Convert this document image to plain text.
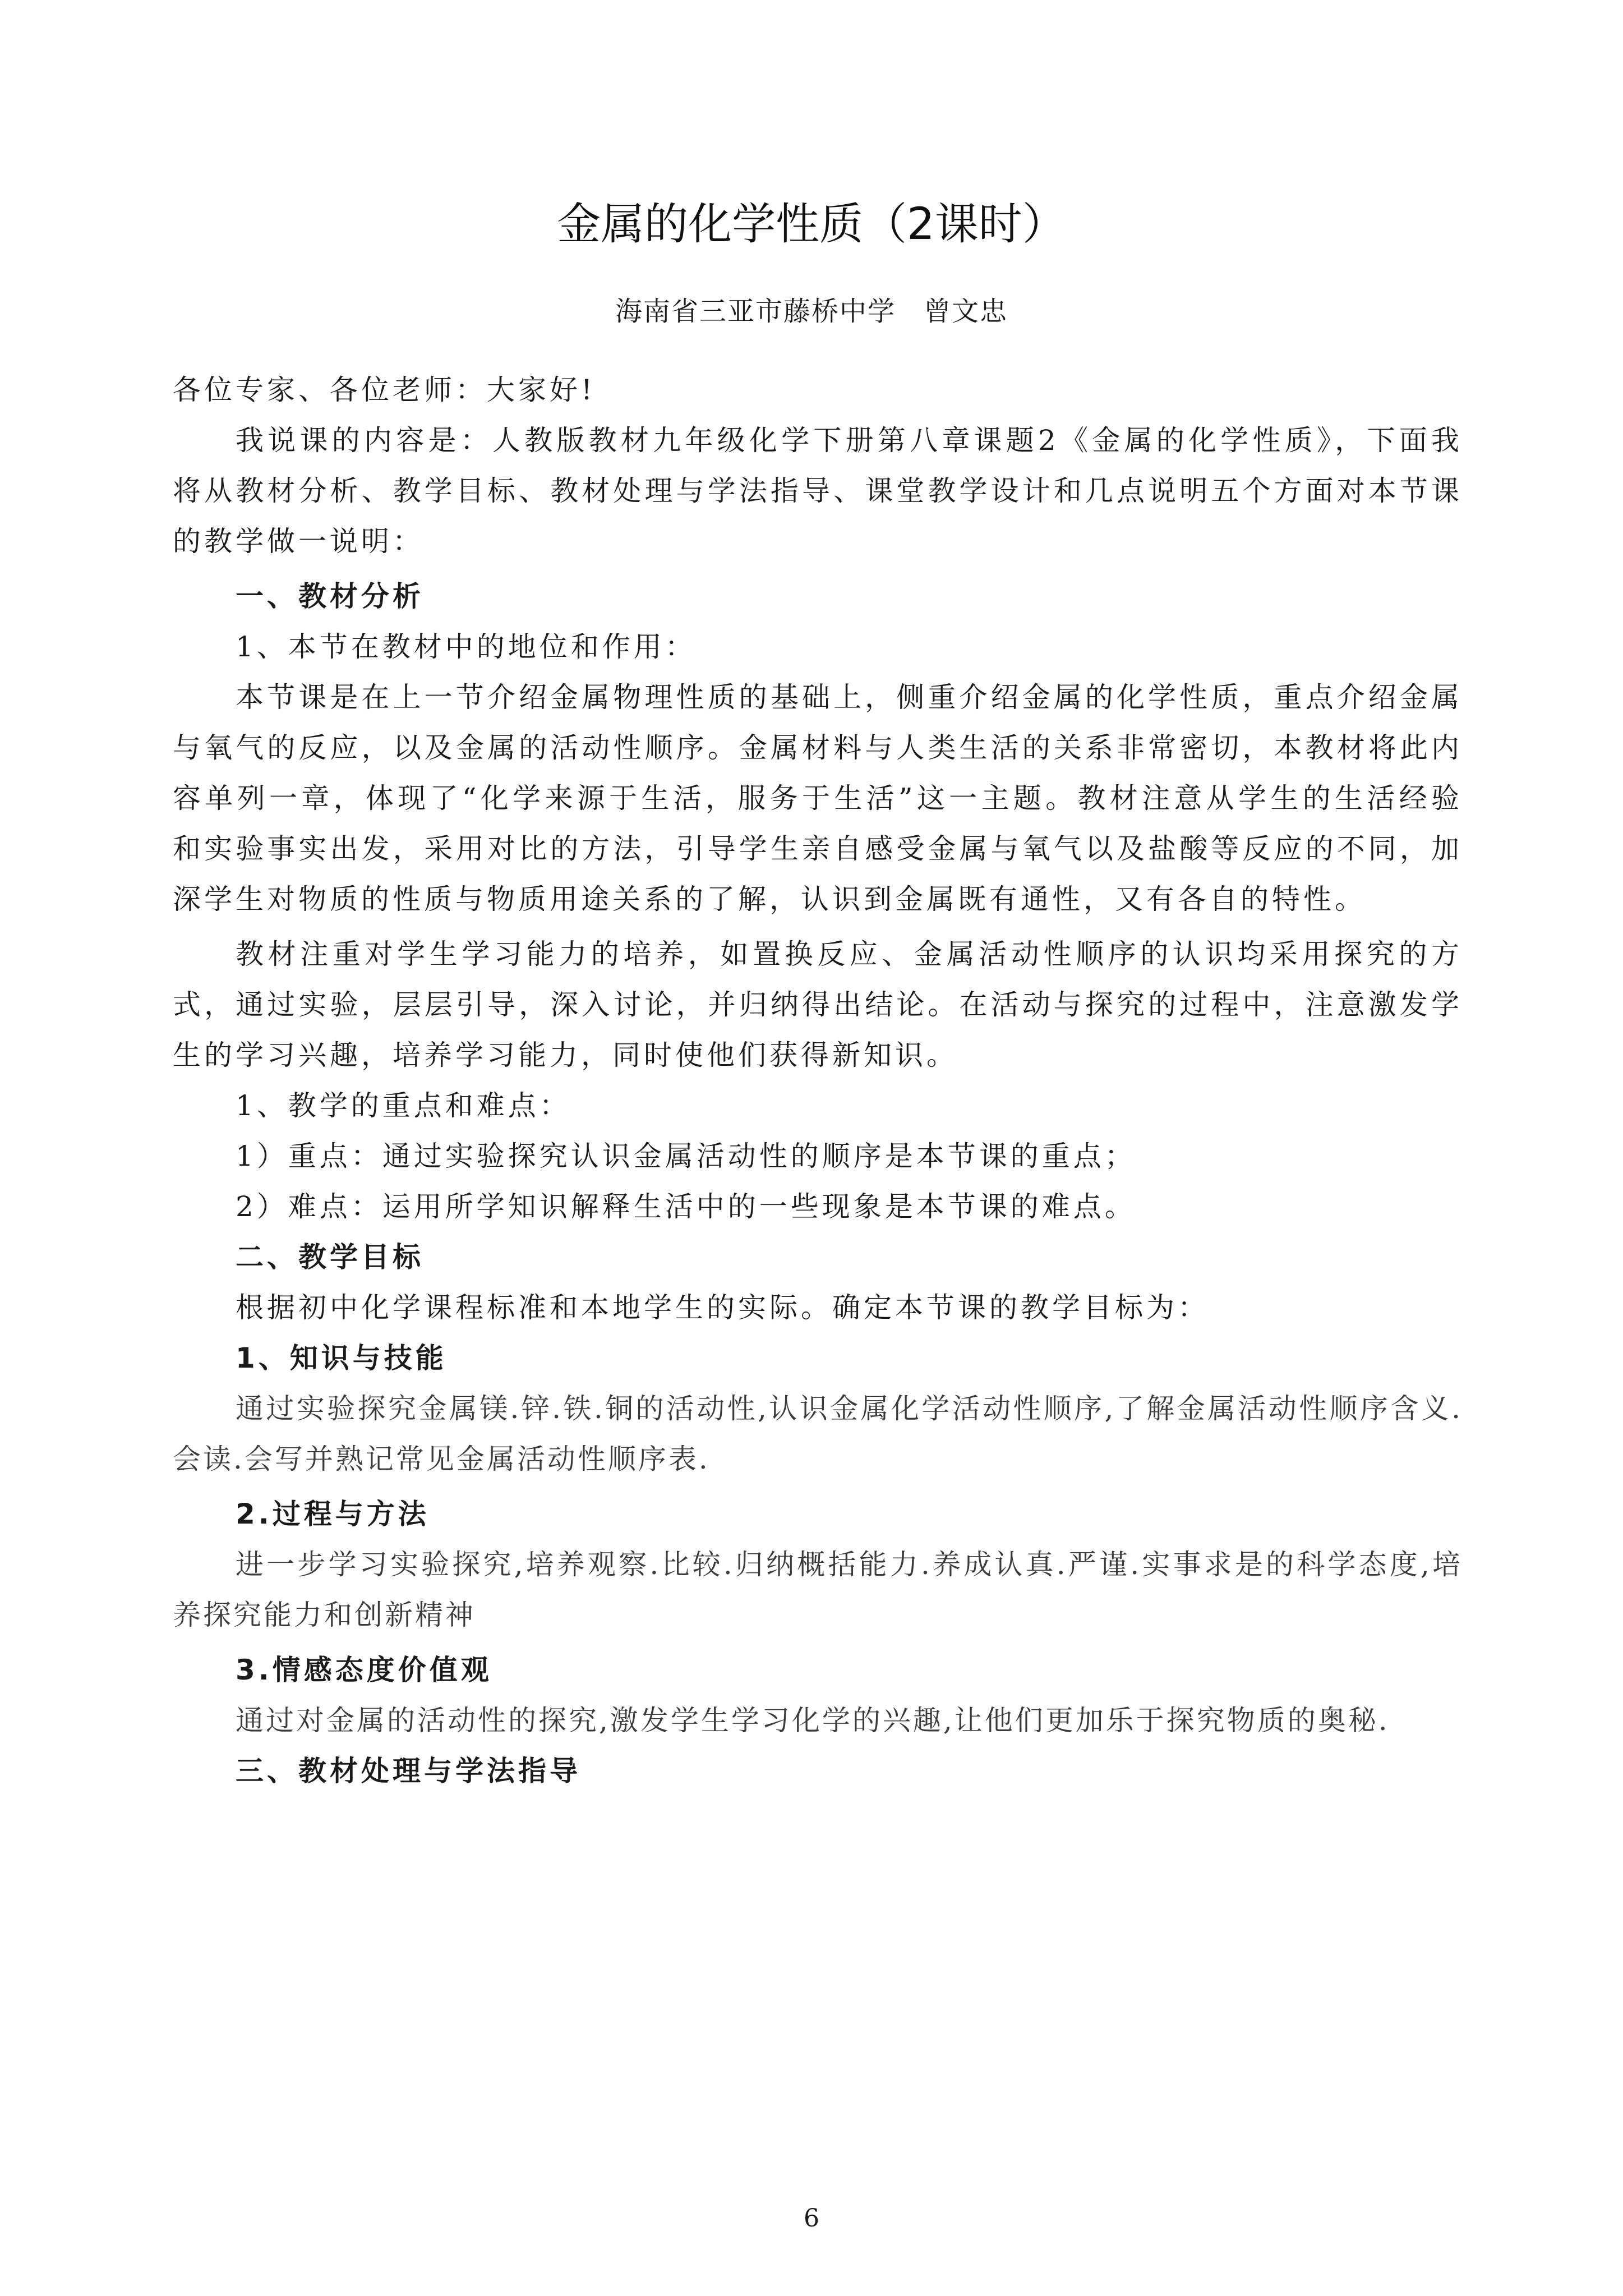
金属的化学性质（2课时）
海南省三亚市藤桥中学　曾文忠

各位专家、各位老师：大家好!

我说课的内容是：人教版教材九年级化学下册第八章课题2《金属的化学性质》，下面我将从教材分析、教学目标、教材处理与学法指导、课堂教学设计和几点说明五个方面对本节课的教学做一说明：

一、教材分析

1、本节在教材中的地位和作用：

本节课是在上一节介绍金属物理性质的基础上，侧重介绍金属的化学性质，重点介绍金属与氧气的反应，以及金属的活动性顺序。金属材料与人类生活的关系非常密切，本教材将此内容单列一章，体现了“化学来源于生活，服务于生活”这一主题。教材注意从学生的生活经验和实验事实出发，采用对比的方法，引导学生亲自感受金属与氧气以及盐酸等反应的不同，加深学生对物质的性质与物质用途关系的了解，认识到金属既有通性，又有各自的特性。

教材注重对学生学习能力的培养，如置换反应、金属活动性顺序的认识均采用探究的方式，通过实验，层层引导，深入讨论，并归纳得出结论。在活动与探究的过程中，注意激发学生的学习兴趣，培养学习能力，同时使他们获得新知识。

1、教学的重点和难点：

1）重点：通过实验探究认识金属活动性的顺序是本节课的重点；

2）难点：运用所学知识解释生活中的一些现象是本节课的难点。

二、教学目标

根据初中化学课程标准和本地学生的实际。确定本节课的教学目标为：

1、知识与技能

通过实验探究金属镁.锌.铁.铜的活动性,认识金属化学活动性顺序,了解金属活动性顺序含义.会读.会写并熟记常见金属活动性顺序表.

2.过程与方法

进一步学习实验探究,培养观察.比较.归纳概括能力.养成认真.严谨.实事求是的科学态度,培养探究能力和创新精神

3.情感态度价值观

通过对金属的活动性的探究,激发学生学习化学的兴趣,让他们更加乐于探究物质的奥秘.

三、教材处理与学法指导

6
